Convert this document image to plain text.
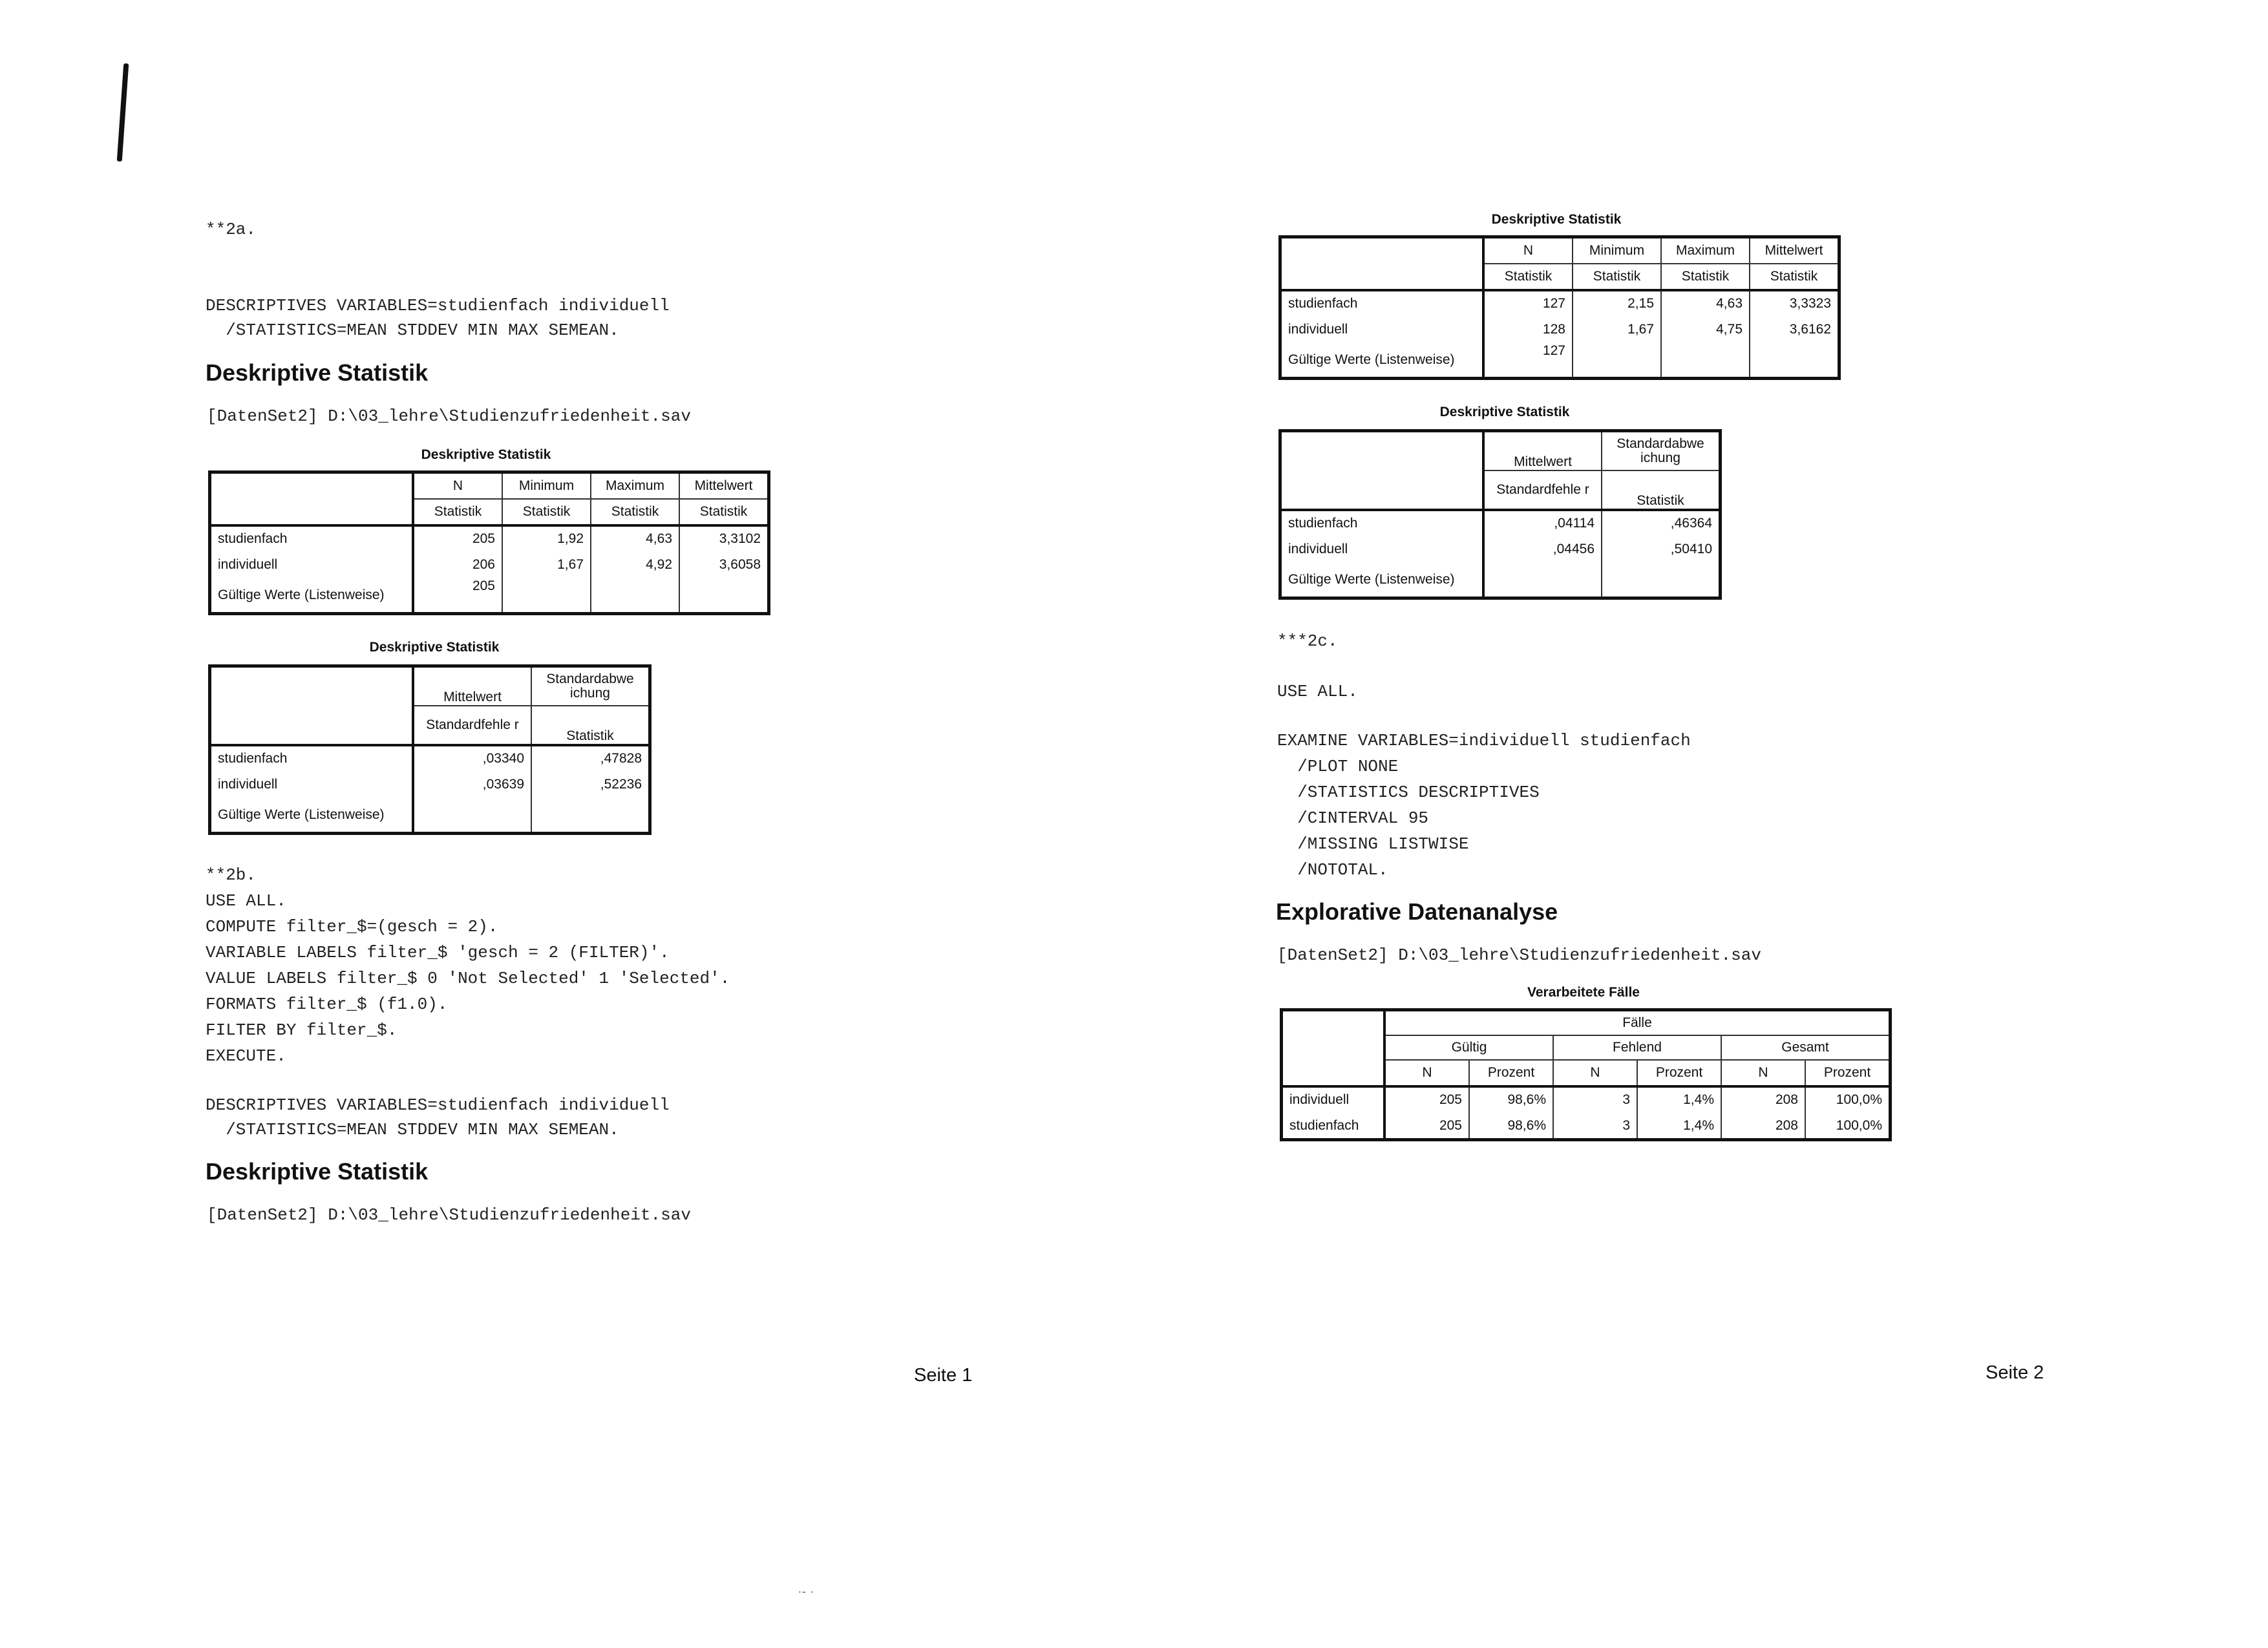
**2a.
DESCRIPTIVES VARIABLES=studienfach individuell
/STATISTICS=MEAN STDDEV MIN MAX SEMEAN.
Deskriptive Statistik
[DatenSet2] D:\03_lehre\Studienzufriedenheit.sav
Deskriptive Statistik
	N	Minimum	Maximum	Mittelwert
	Statistik	Statistik	Statistik	Statistik
studienfach	205	1,92	4,63	3,3102
individuell	206	1,67	4,92	3,6058
Gültige Werte (Listenweise)	205			
Deskriptive Statistik
	Mittelwert	Standardabwe ichung
	Standardfehle r	Statistik
studienfach	,03340	,47828
individuell	,03639	,52236
Gültige Werte (Listenweise)		
**2b.
USE ALL.
COMPUTE filter_$=(gesch = 2).
VARIABLE LABELS filter_$ 'gesch = 2 (FILTER)'.
VALUE LABELS filter_$ 0 'Not Selected' 1 'Selected'.
FORMATS filter_$ (f1.0).
FILTER BY filter_$.
EXECUTE.
DESCRIPTIVES VARIABLES=studienfach individuell
/STATISTICS=MEAN STDDEV MIN MAX SEMEAN.
Deskriptive Statistik
[DatenSet2] D:\03_lehre\Studienzufriedenheit.sav
Seite 1
Deskriptive Statistik
	N	Minimum	Maximum	Mittelwert
	Statistik	Statistik	Statistik	Statistik
studienfach	127	2,15	4,63	3,3323
individuell	128	1,67	4,75	3,6162
Gültige Werte (Listenweise)	127			
Deskriptive Statistik
	Mittelwert	Standardabwe ichung
	Standardfehle r	Statistik
studienfach	,04114	,46364
individuell	,04456	,50410
Gültige Werte (Listenweise)		
***2c.
USE ALL.
EXAMINE VARIABLES=individuell studienfach
/PLOT NONE
/STATISTICS DESCRIPTIVES
/CINTERVAL 95
/MISSING LISTWISE
/NOTOTAL.
Explorative Datenanalyse
[DatenSet2] D:\03_lehre\Studienzufriedenheit.sav
Verarbeitete Fälle
	Fälle					
	Gültig		Fehlend		Gesamt	
	N	Prozent	N	Prozent	N	Prozent
individuell	205	98,6%	3	1,4%	208	100,0%
studienfach	205	98,6%	3	1,4%	208	100,0%
Seite 2
·- ·
